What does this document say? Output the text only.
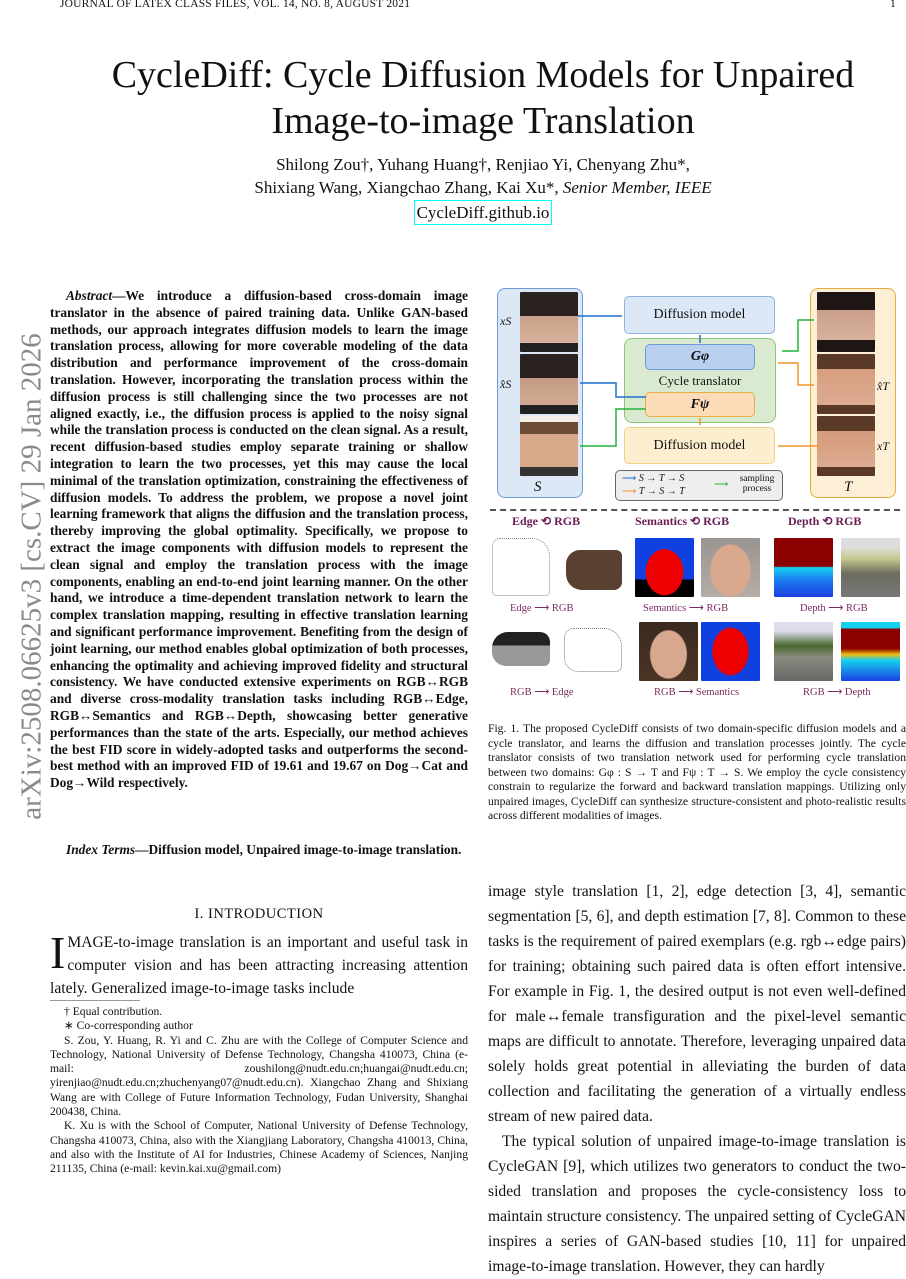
JOURNAL OF LATEX CLASS FILES, VOL. 14, NO. 8, AUGUST 2021	1
arXiv:2508.06625v3 [cs.CV] 29 Jan 2026
CycleDiff: Cycle Diffusion Models for Unpaired Image-to-image Translation
Shilong Zou†, Yuhang Huang†, Renjiao Yi, Chenyang Zhu*,
Shixiang Wang, Xiangchao Zhang, Kai Xu*, Senior Member, IEEE
CycleDiff.github.io
Abstract—We introduce a diffusion-based cross-domain image translator in the absence of paired training data. Unlike GAN-based methods, our approach integrates diffusion models to learn the image translation process, allowing for more coverable modeling of the data distribution and performance improvement of the cross-domain translation. However, incorporating the translation process within the diffusion process is still challenging since the two processes are not aligned exactly, i.e., the diffusion process is applied to the noisy signal while the translation process is conducted on the clean signal. As a result, recent diffusion-based studies employ separate training or shallow integration to learn the two processes, yet this may cause the local minimal of the translation optimization, constraining the effectiveness of diffusion models. To address the problem, we propose a novel joint learning framework that aligns the diffusion and the translation process, thereby improving the global optimality. Specifically, we propose to extract the image components with diffusion models to represent the clean signal and employ the translation process with the image components, enabling an end-to-end joint learning manner. On the other hand, we introduce a time-dependent translation network to learn the complex translation mapping, resulting in effective translation learning and significant performance improvement. Benefiting from the design of joint learning, our method enables global optimization of both processes, enhancing the optimality and achieving improved fidelity and structural consistency. We have conducted extensive experiments on RGB↔RGB and diverse cross-modality translation tasks including RGB↔Edge, RGB↔Semantics and RGB↔Depth, showcasing better generative performances than the state of the arts. Especially, our method achieves the best FID score in widely-adopted tasks and outperforms the second-best method with an improved FID of 19.61 and 19.67 on Dog→Cat and Dog→Wild respectively.
Index Terms—Diffusion model, Unpaired image-to-image translation.
I. INTRODUCTION
IMAGE-to-image translation is an important and useful task in computer vision and has been attracting increasing attention lately. Generalized image-to-image tasks include

† Equal contribution.

∗ Co-corresponding author

S. Zou, Y. Huang, R. Yi and C. Zhu are with the College of Computer Science and Technology, National University of Defense Technology, Changsha 410073, China (e-mail: zoushilong@nudt.edu.cn;huangai@nudt.edu.cn; yirenjiao@nudt.edu.cn;zhuchenyang07@nudt.edu.cn). Xiangchao Zhang and Shixiang Wang are with College of Future Information Technology, Fudan University, Shanghai 200438, China.

K. Xu is with the School of Computer, National University of Defense Technology, Changsha 410073, China, also with the Xiangjiang Laboratory, Changsha 410013, China, and also with the Institute of AI for Industries, Chinese Academy of Sciences, Nanjing 211135, China (e-mail: kevin.kai.xu@gmail.com)

image style translation [1, 2], edge detection [3, 4], semantic segmentation [5, 6], and depth estimation [7, 8]. Common to these tasks is the requirement of paired exemplars (e.g. rgb↔edge pairs) for training; obtaining such paired data is often effort intensive. For example in Fig. 1, the desired output is not even well-defined for male↔female transfiguration and the pixel-level semantic maps are difficult to annotate. Therefore, leveraging unpaired data solely holds great potential in alleviating the burden of data collection and facilitating the generation of a virtually endless stream of new paired data.

The typical solution of unpaired image-to-image translation is CycleGAN [9], which utilizes two generators to conduct the two-sided translation and proposes the cycle-consistency loss to maintain structure consistency. The unpaired setting of CycleGAN inspires a series of GAN-based studies [10, 11] for unpaired image-to-image translation. However, they can hardly

xS
x̂S
S
x̂T
xT
T
Diffusion model
Gφ
Cycle translator
Fψ
Diffusion model
⟶ S → T → S
⟶ T → S → T
⟶	sampling process
Edge ⟲ RGB	Semantics ⟲ RGB	Depth ⟲ RGB
Edge ⟶ RGB	Semantics ⟶ RGB	Depth ⟶ RGB
RGB ⟶ Edge	RGB ⟶ Semantics	RGB ⟶ Depth
Fig. 1. The proposed CycleDiff consists of two domain-specific diffusion models and a cycle translator, and learns the diffusion and translation processes jointly. The cycle translator consists of two translation network used for performing cycle translation between two domains: Gφ : S → T and Fψ : T → S. We employ the cycle consistency constrain to regularize the forward and backward translation mappings. Utilizing only unpaired images, CycleDiff can synthesize structure-consistent and photo-realistic results across different modalities of images.
